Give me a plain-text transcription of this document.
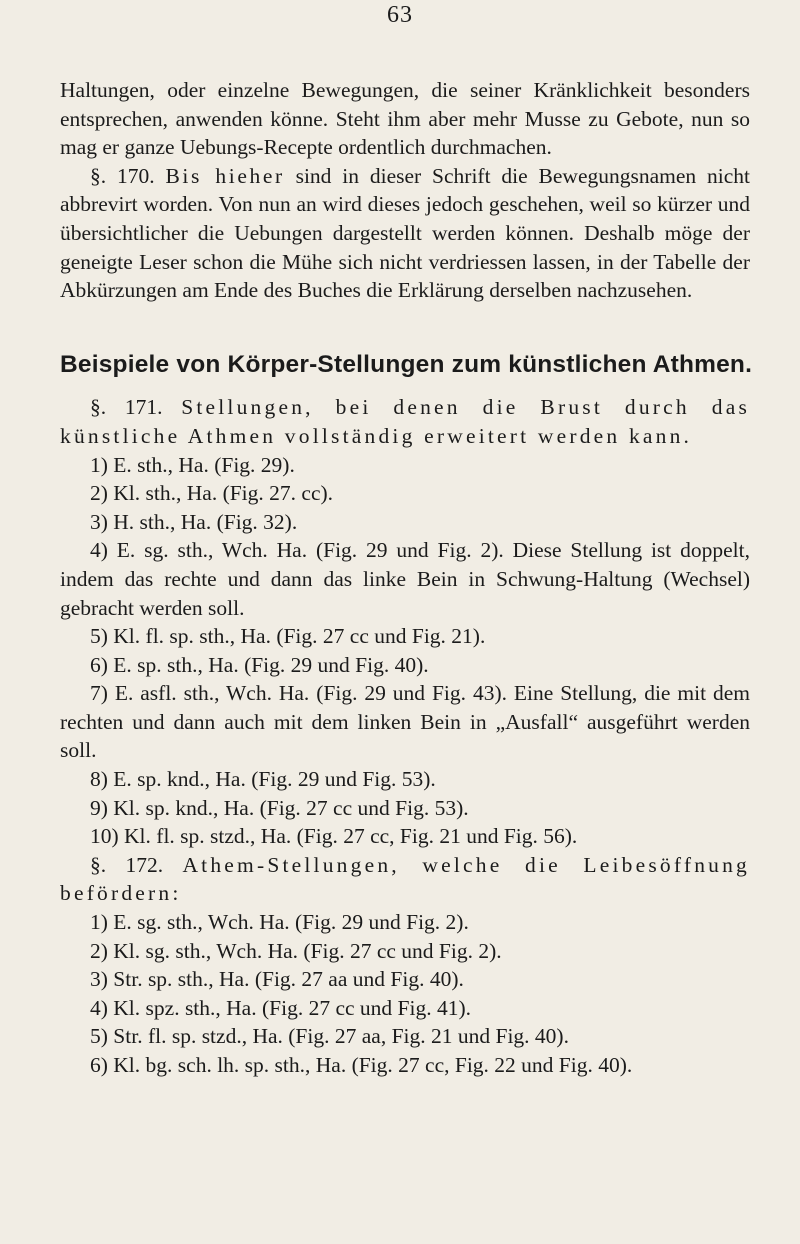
63

Haltungen, oder einzelne Bewegungen, die seiner Kränklichkeit besonders entsprechen, anwenden könne. Steht ihm aber mehr Musse zu Gebote, nun so mag er ganze Uebungs-Recepte ordentlich durchmachen.

§. 170. Bis hieher sind in dieser Schrift die Bewegungsnamen nicht abbrevirt worden. Von nun an wird dieses jedoch geschehen, weil so kürzer und übersichtlicher die Uebungen dargestellt werden können. Deshalb möge der geneigte Leser schon die Mühe sich nicht verdriessen lassen, in der Tabelle der Abkürzungen am Ende des Buches die Erklärung derselben nachzusehen.

Beispiele von Körper-Stellungen zum künstlichen Athmen.

§. 171. Stellungen, bei denen die Brust durch das künstliche Athmen vollständig erweitert werden kann.

1) E. sth., Ha. (Fig. 29).

2) Kl. sth., Ha. (Fig. 27. cc).

3) H. sth., Ha. (Fig. 32).

4) E. sg. sth., Wch. Ha. (Fig. 29 und Fig. 2). Diese Stellung ist doppelt, indem das rechte und dann das linke Bein in Schwung-Haltung (Wechsel) gebracht werden soll.

5) Kl. fl. sp. sth., Ha. (Fig. 27 cc und Fig. 21).

6) E. sp. sth., Ha. (Fig. 29 und Fig. 40).

7) E. asfl. sth., Wch. Ha. (Fig. 29 und Fig. 43). Eine Stellung, die mit dem rechten und dann auch mit dem linken Bein in „Ausfall“ ausgeführt werden soll.

8) E. sp. knd., Ha. (Fig. 29 und Fig. 53).

9) Kl. sp. knd., Ha. (Fig. 27 cc und Fig. 53).

10) Kl. fl. sp. stzd., Ha. (Fig. 27 cc, Fig. 21 und Fig. 56).

§. 172. Athem-Stellungen, welche die Leibesöffnung befördern:

1) E. sg. sth., Wch. Ha. (Fig. 29 und Fig. 2).

2) Kl. sg. sth., Wch. Ha. (Fig. 27 cc und Fig. 2).

3) Str. sp. sth., Ha. (Fig. 27 aa und Fig. 40).

4) Kl. spz. sth., Ha. (Fig. 27 cc und Fig. 41).

5) Str. fl. sp. stzd., Ha. (Fig. 27 aa, Fig. 21 und Fig. 40).

6) Kl. bg. sch. lh. sp. sth., Ha. (Fig. 27 cc, Fig. 22 und Fig. 40).
